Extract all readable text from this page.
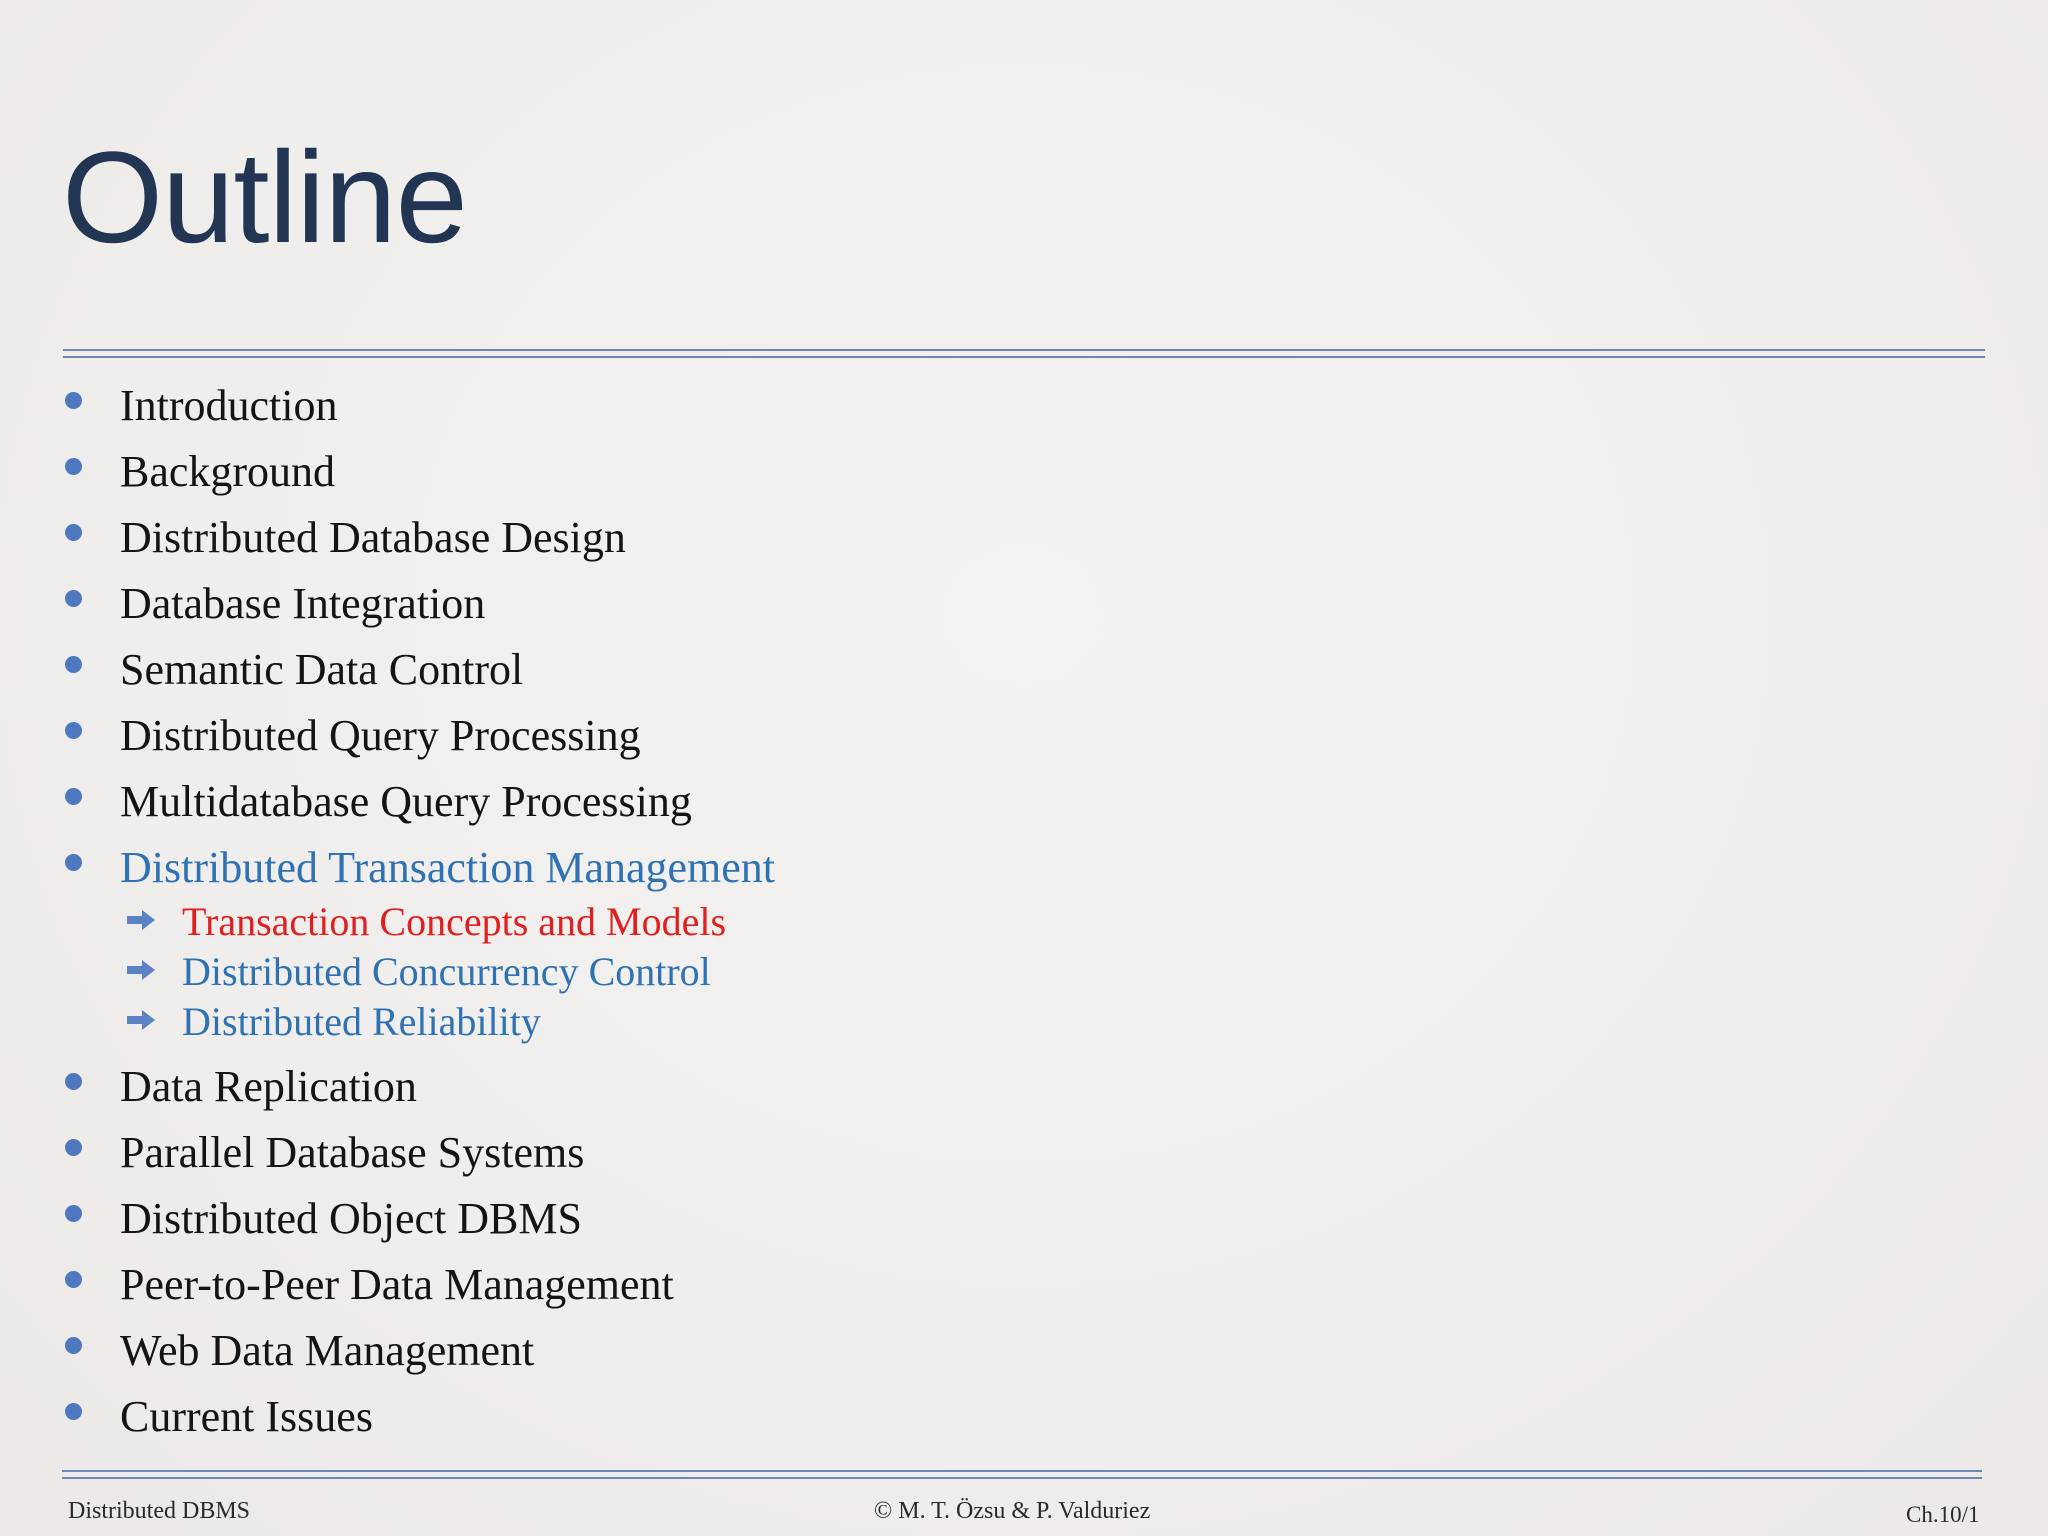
Outline
Introduction
Background
Distributed Database Design
Database Integration
Semantic Data Control
Distributed Query Processing
Multidatabase Query Processing
Distributed Transaction Management
Transaction Concepts and Models
Distributed Concurrency Control
Distributed Reliability
Data Replication
Parallel Database Systems
Distributed Object DBMS
Peer-to-Peer Data Management
Web Data Management
Current Issues
Distributed DBMS	© M. T. Özsu & P. Valduriez	Ch.10/1
